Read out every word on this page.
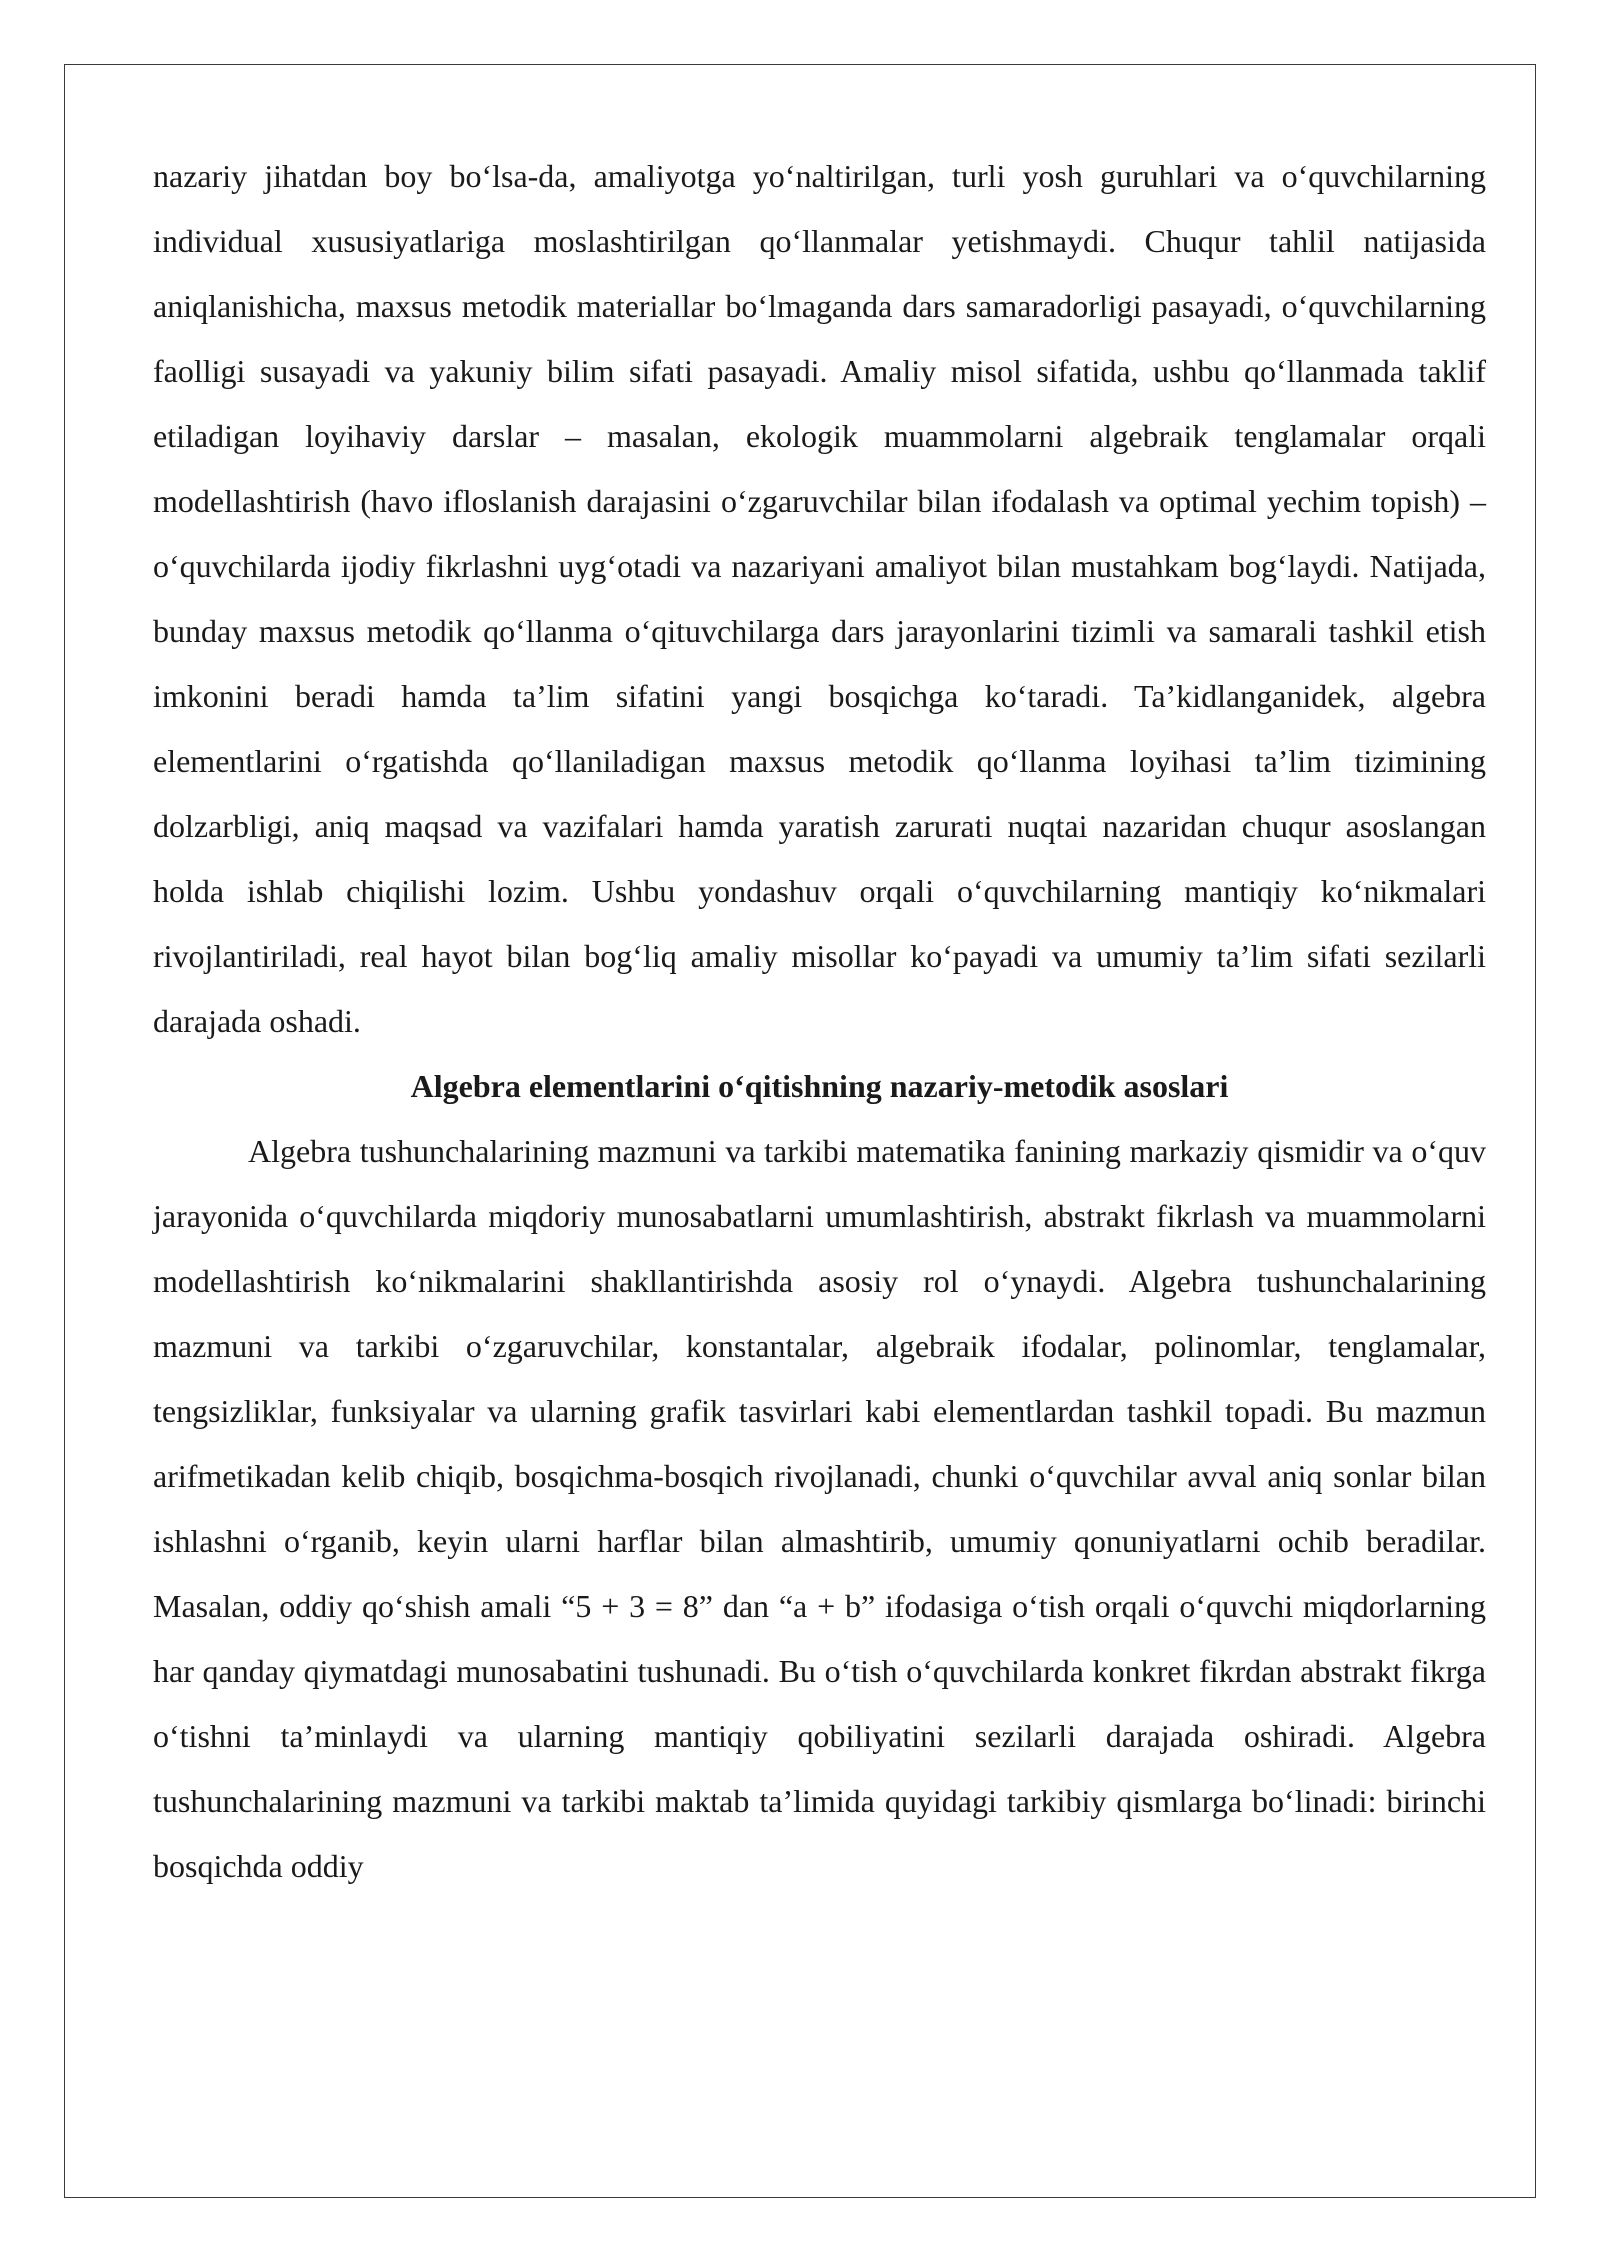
nazariy jihatdan boy bo‘lsa-da, amaliyotga yo‘naltirilgan, turli yosh guruhlari va o‘quvchilarning individual xususiyatlariga moslashtirilgan qo‘llanmalar yetishmaydi. Chuqur tahlil natijasida aniqlanishicha, maxsus metodik materiallar bo‘lmaganda dars samaradorligi pasayadi, o‘quvchilarning faolligi susayadi va yakuniy bilim sifati pasayadi. Amaliy misol sifatida, ushbu qo‘llanmada taklif etiladigan loyihaviy darslar – masalan, ekologik muammolarni algebraik tenglamalar orqali modellashtirish (havo ifloslanish darajasini o‘zgaruvchilar bilan ifodalash va optimal yechim topish) – o‘quvchilarda ijodiy fikrlashni uyg‘otadi va nazariyani amaliyot bilan mustahkam bog‘laydi. Natijada, bunday maxsus metodik qo‘llanma o‘qituvchilarga dars jarayonlarini tizimli va samarali tashkil etish imkonini beradi hamda ta’lim sifatini yangi bosqichga ko‘taradi. Ta’kidlanganidek, algebra elementlarini o‘rgatishda qo‘llaniladigan maxsus metodik qo‘llanma loyihasi ta’lim tizimining dolzarbligi, aniq maqsad va vazifalari hamda yaratish zarurati nuqtai nazaridan chuqur asoslangan holda ishlab chiqilishi lozim. Ushbu yondashuv orqali o‘quvchilarning mantiqiy ko‘nikmalari rivojlantiriladi, real hayot bilan bog‘liq amaliy misollar ko‘payadi va umumiy ta’lim sifati sezilarli darajada oshadi.

Algebra elementlarini o‘qitishning nazariy-metodik asoslari

Algebra tushunchalarining mazmuni va tarkibi matematika fanining markaziy qismidir va o‘quv jarayonida o‘quvchilarda miqdoriy munosabatlarni umumlashtirish, abstrakt fikrlash va muammolarni modellashtirish ko‘nikmalarini shakllantirishda asosiy rol o‘ynaydi. Algebra tushunchalarining mazmuni va tarkibi o‘zgaruvchilar, konstantalar, algebraik ifodalar, polinomlar, tenglamalar, tengsizliklar, funksiyalar va ularning grafik tasvirlari kabi elementlardan tashkil topadi. Bu mazmun arifmetikadan kelib chiqib, bosqichma-bosqich rivojlanadi, chunki o‘quvchilar avval aniq sonlar bilan ishlashni o‘rganib, keyin ularni harflar bilan almashtirib, umumiy qonuniyatlarni ochib beradilar. Masalan, oddiy qo‘shish amali “5 + 3 = 8” dan “a + b” ifodasiga o‘tish orqali o‘quvchi miqdorlarning har qanday qiymatdagi munosabatini tushunadi. Bu o‘tish o‘quvchilarda konkret fikrdan abstrakt fikrga o‘tishni ta’minlaydi va ularning mantiqiy qobiliyatini sezilarli darajada oshiradi. Algebra tushunchalarining mazmuni va tarkibi maktab ta’limida quyidagi tarkibiy qismlarga bo‘linadi: birinchi bosqichda oddiy
